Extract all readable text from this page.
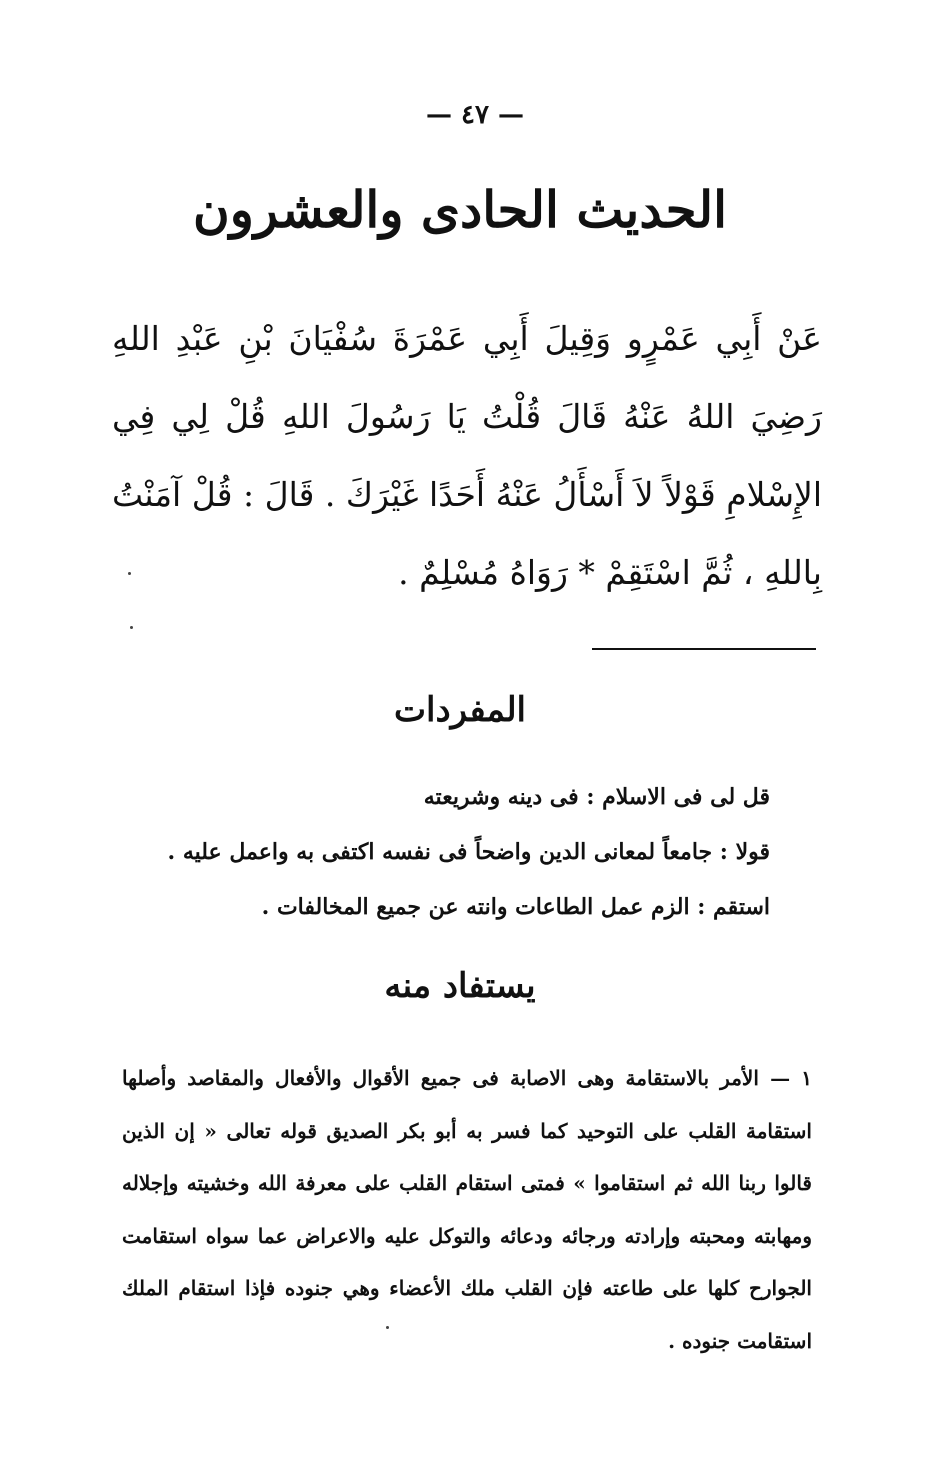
— ٤٧ —
الحديث الحادى والعشرون

عَنْ أَبِي عَمْرٍو وَقِيلَ أَبِي عَمْرَةَ سُفْيَانَ بْنِ عَبْدِ اللهِ رَضِيَ اللهُ عَنْهُ قَالَ قُلْتُ يَا رَسُولَ اللهِ قُلْ لِي فِي الإِسْلامِ قَوْلاً لاَ أَسْأَلُ عَنْهُ أَحَدًا غَيْرَكَ . قَالَ : قُلْ آمَنْتُ بِاللهِ ، ثُمَّ اسْتَقِمْ * رَوَاهُ مُسْلِمٌ .

المفردات
قل لى فى الاسلام : فى دينه وشريعته
قولا : جامعاً لمعانى الدين واضحاً فى نفسه اكتفى به واعمل عليه .
استقم : الزم عمل الطاعات وانته عن جميع المخالفات .
يستفاد منه

١ — الأمر بالاستقامة وهى الاصابة فى جميع الأقوال والأفعال والمقاصد وأصلها استقامة القلب على التوحيد كما فسر به أبو بكر الصديق قوله تعالى « إن الذين قالوا ربنا الله ثم استقاموا » فمتى استقام القلب على معرفة الله وخشيته وإجلاله ومهابته ومحبته وإرادته ورجائه ودعائه والتوكل عليه والاعراض عما سواه استقامت الجوارح كلها على طاعته فإن القلب ملك الأعضاء وهي جنوده فإذا استقام الملك استقامت جنوده .
